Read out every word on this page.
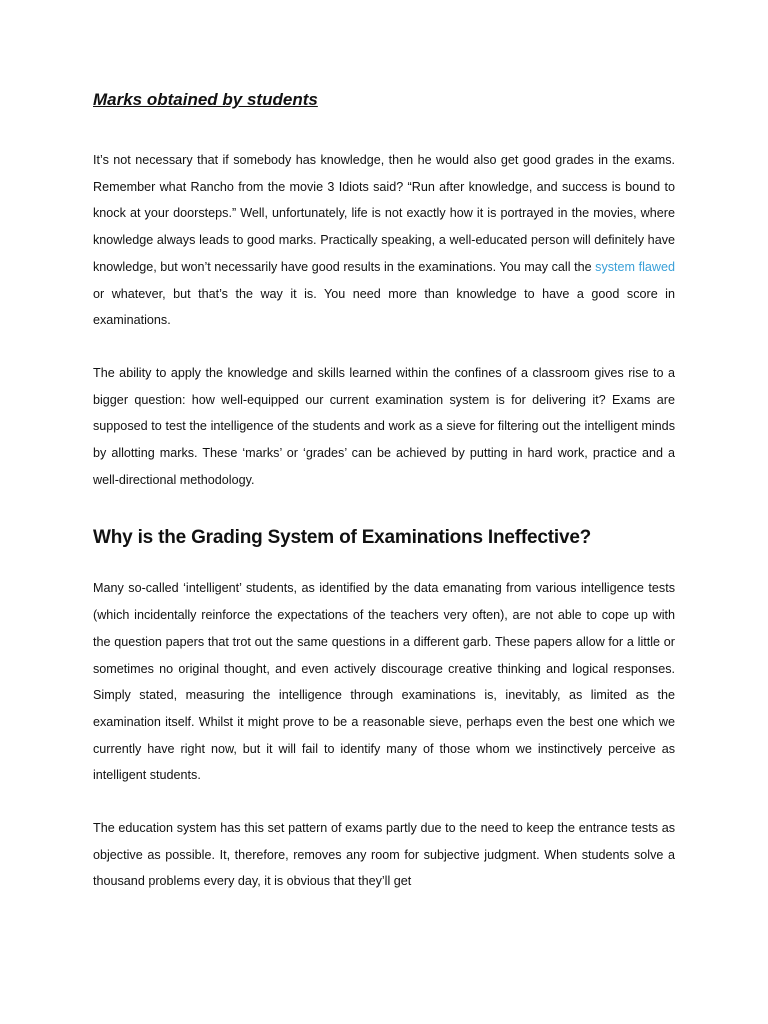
Marks obtained by students

It’s not necessary that if somebody has knowledge, then he would also get good grades in the exams. Remember what Rancho from the movie 3 Idiots said? “Run after knowledge, and success is bound to knock at your doorsteps.” Well, unfortunately, life is not exactly how it is portrayed in the movies, where knowledge always leads to good marks. Practically speaking, a well-educated person will definitely have knowledge, but won’t necessarily have good results in the examinations. You may call the system flawed or whatever, but that’s the way it is. You need more than knowledge to have a good score in examinations.

The ability to apply the knowledge and skills learned within the confines of a classroom gives rise to a bigger question: how well-equipped our current examination system is for delivering it? Exams are supposed to test the intelligence of the students and work as a sieve for filtering out the intelligent minds by allotting marks. These ‘marks’ or ‘grades’ can be achieved by putting in hard work, practice and a well-directional methodology.

Why is the Grading System of Examinations Ineffective?

Many so-called ‘intelligent’ students, as identified by the data emanating from various intelligence tests (which incidentally reinforce the expectations of the teachers very often), are not able to cope up with the question papers that trot out the same questions in a different garb. These papers allow for a little or sometimes no original thought, and even actively discourage creative thinking and logical responses. Simply stated, measuring the intelligence through examinations is, inevitably, as limited as the examination itself. Whilst it might prove to be a reasonable sieve, perhaps even the best one which we currently have right now, but it will fail to identify many of those whom we instinctively perceive as intelligent students.

The education system has this set pattern of exams partly due to the need to keep the entrance tests as objective as possible. It, therefore, removes any room for subjective judgment. When students solve a thousand problems every day, it is obvious that they’ll get
